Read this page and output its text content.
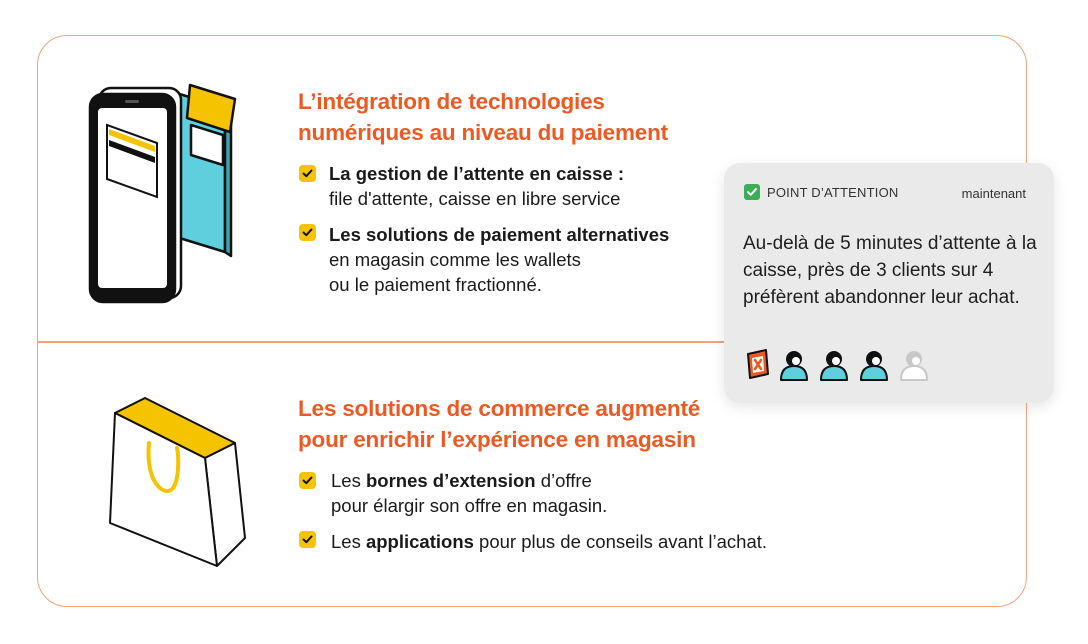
L’intégration de technologies
numériques au niveau du paiement
La gestion de l’attente en caisse :
file d'attente, caisse en libre service
Les solutions de paiement alternatives
en magasin comme les wallets
ou le paiement fractionné.
Les solutions de commerce augmenté
pour enrichir l’expérience en magasin
Les bornes d’extension d’offre
pour élargir son offre en magasin.
Les applications pour plus de conseils avant l’achat.
POINT D’ATTENTION	maintenant
Au-delà de 5 minutes d’attente à la caisse, près de 3 clients sur 4 préfèrent abandonner leur achat.
